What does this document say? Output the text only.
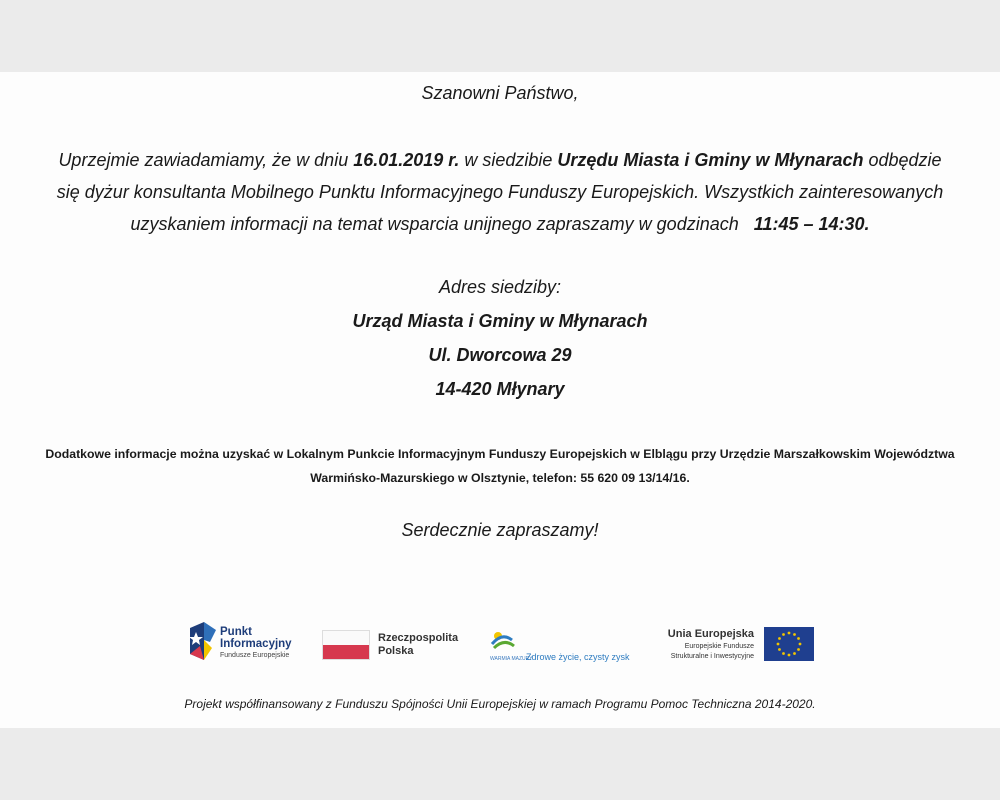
Szanowni Państwo,
Uprzejmie zawiadamiamy, że w dniu 16.01.2019 r. w siedzibie Urzędu Miasta i Gminy w Młynarach odbędzie
się dyżur konsultanta Mobilnego Punktu Informacyjnego Funduszy Europejskich. Wszystkich zainteresowanych
uzyskaniem informacji na temat wsparcia unijnego zapraszamy w godzinach   11:45 – 14:30.
Adres siedziby:
Urząd Miasta i Gminy w Młynarach
Ul. Dworcowa 29
14-420 Młynary
Dodatkowe informacje można uzyskać w Lokalnym Punkcie Informacyjnym Funduszy Europejskich w Elblągu przy Urzędzie Marszałkowskim Województwa
Warmińsko-Mazurskiego w Olsztynie, telefon: 55 620 09 13/14/16.
Serdecznie zapraszamy!
Punkt
Informacyjny
Fundusze Europejskie
Rzeczpospolita
Polska
WARMIA MAZURY
Zdrowe życie, czysty zysk
Unia Europejska
Europejskie Fundusze
Strukturalne i Inwestycyjne
Projekt współfinansowany z Funduszu Spójności Unii Europejskiej w ramach Programu Pomoc Techniczna 2014-2020.
